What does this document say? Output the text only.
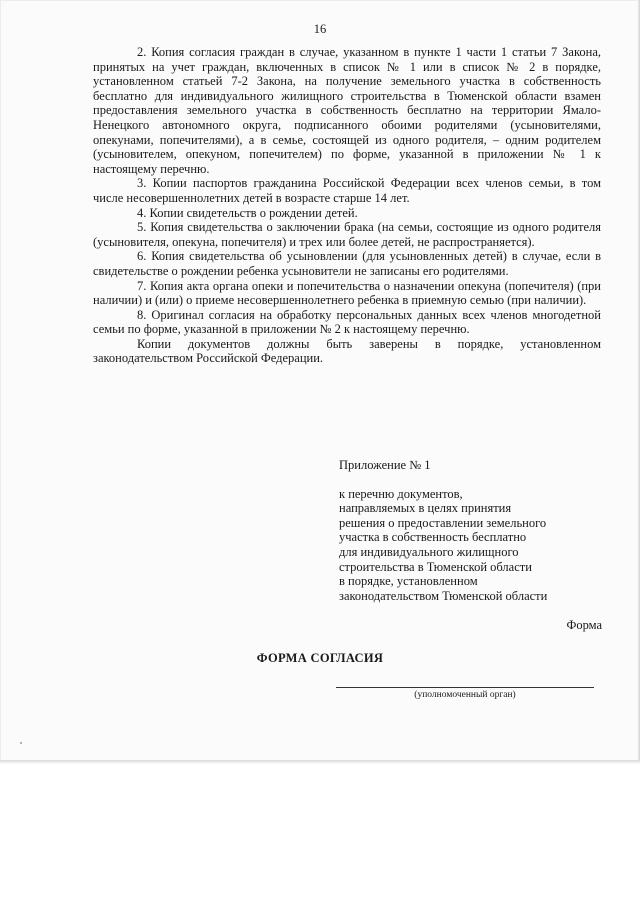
16

2. Копия согласия граждан в случае, указанном в пункте 1 части 1 статьи 7 Закона, принятых на учет граждан, включенных в список № 1 или в список № 2 в порядке, установленном статьей 7-2 Закона, на получение земельного участка в собственность бесплатно для индивидуального жилищного строительства в Тюменской области взамен предоставления земельного участка в собственность бесплатно на территории Ямало-Ненецкого автономного округа, подписанного обоими родителями (усыновителями, опекунами, попечителями), а в семье, состоящей из одного родителя, – одним родителем (усыновителем, опекуном, попечителем) по форме, указанной в приложении № 1 к настоящему перечню.

3. Копии паспортов гражданина Российской Федерации всех членов семьи, в том числе несовершеннолетних детей в возрасте старше 14 лет.

4. Копии свидетельств о рождении детей.

5. Копия свидетельства о заключении брака (на семьи, состоящие из одного родителя (усыновителя, опекуна, попечителя) и трех или более детей, не распространяется).

6. Копия свидетельства об усыновлении (для усыновленных детей) в случае, если в свидетельстве о рождении ребенка усыновители не записаны его родителями.

7. Копия акта органа опеки и попечительства о назначении опекуна (попечителя) (при наличии) и (или) о приеме несовершеннолетнего ребенка в приемную семью (при наличии).

8. Оригинал согласия на обработку персональных данных всех членов многодетной семьи по форме, указанной в приложении № 2 к настоящему перечню.

Копии документов должны быть заверены в порядке, установленном законодательством Российской Федерации.

Приложение № 1

к перечню документов,
направляемых в целях принятия
решения о предоставлении земельного
участка в собственность бесплатно
для индивидуального жилищного
строительства в Тюменской области
в порядке, установленном
законодательством Тюменской области
Форма
ФОРМА СОГЛАСИЯ
(уполномоченный орган)
